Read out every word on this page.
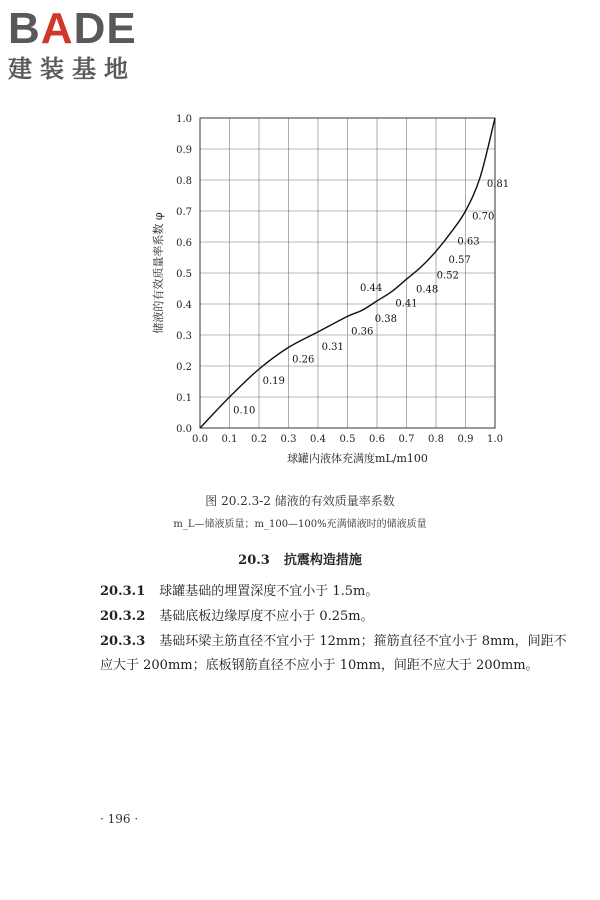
BADE
建装基地
0.0 0.1 0.2 0.3 0.4 0.5 0.6 0.7 0.8 0.9 1.0
0.0
0.1
0.2
0.3
0.4
0.5
0.6
0.7
0.8
0.9
1.0
球罐内液体充满度mL/m100
储液的有效质量率系数 φ
0.10
0.19
0.26
0.31
0.36
0.44
0.38
0.41
0.48
0.52
0.57
0.63
0.70
0.81
图 20.2.3-2 储液的有效质量率系数
m_L—储液质量；m_100—100%充满储液时的储液质量
20.3 抗震构造措施
20.3.1 球罐基础的埋置深度不宜小于 1.5m。
20.3.2 基础底板边缘厚度不应小于 0.25m。
20.3.3 基础环梁主筋直径不宜小于 12mm；箍筋直径不宜小于 8mm，间距不应大于 200mm；底板钢筋直径不应小于 10mm，间距不应大于 200mm。
· 196 ·
